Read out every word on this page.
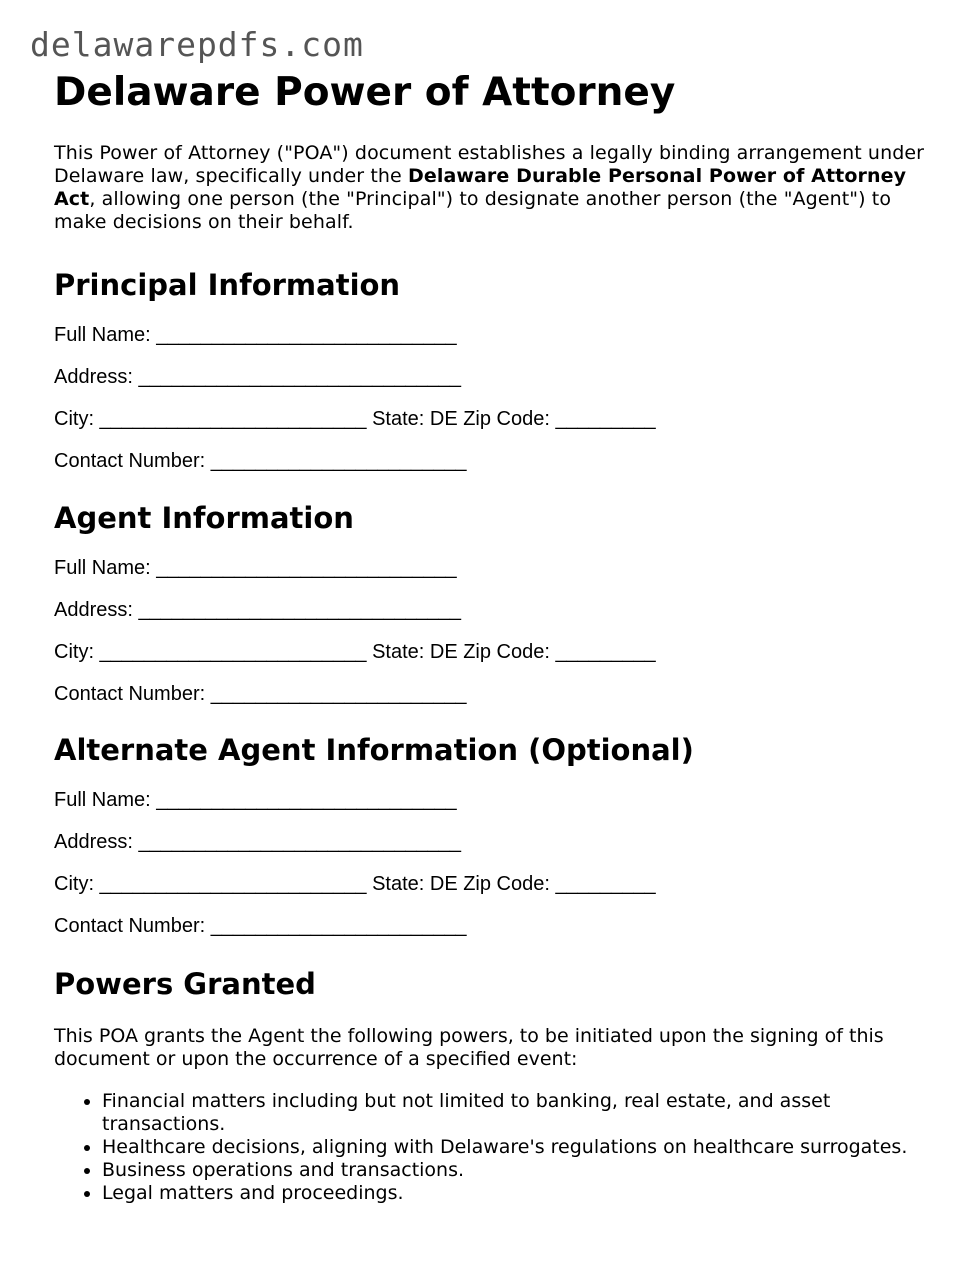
delawarepdfs.com
Delaware Power of Attorney

This Power of Attorney ("POA") document establishes a legally binding arrangement under Delaware law, specifically under the Delaware Durable Personal Power of Attorney Act, allowing one person (the "Principal") to designate another person (the "Agent") to make decisions on their behalf.

Principal Information
Full Name: ___________________________
Address: _____________________________
City: ________________________ State: DE Zip Code: _________
Contact Number: _______________________
Agent Information
Full Name: ___________________________
Address: _____________________________
City: ________________________ State: DE Zip Code: _________
Contact Number: _______________________
Alternate Agent Information (Optional)
Full Name: ___________________________
Address: _____________________________
City: ________________________ State: DE Zip Code: _________
Contact Number: _______________________
Powers Granted

This POA grants the Agent the following powers, to be initiated upon the signing of this document or upon the occurrence of a specified event:

• Financial matters including but not limited to banking, real estate, and asset transactions.
• Healthcare decisions, aligning with Delaware's regulations on healthcare surrogates.
• Business operations and transactions.
• Legal matters and proceedings.
